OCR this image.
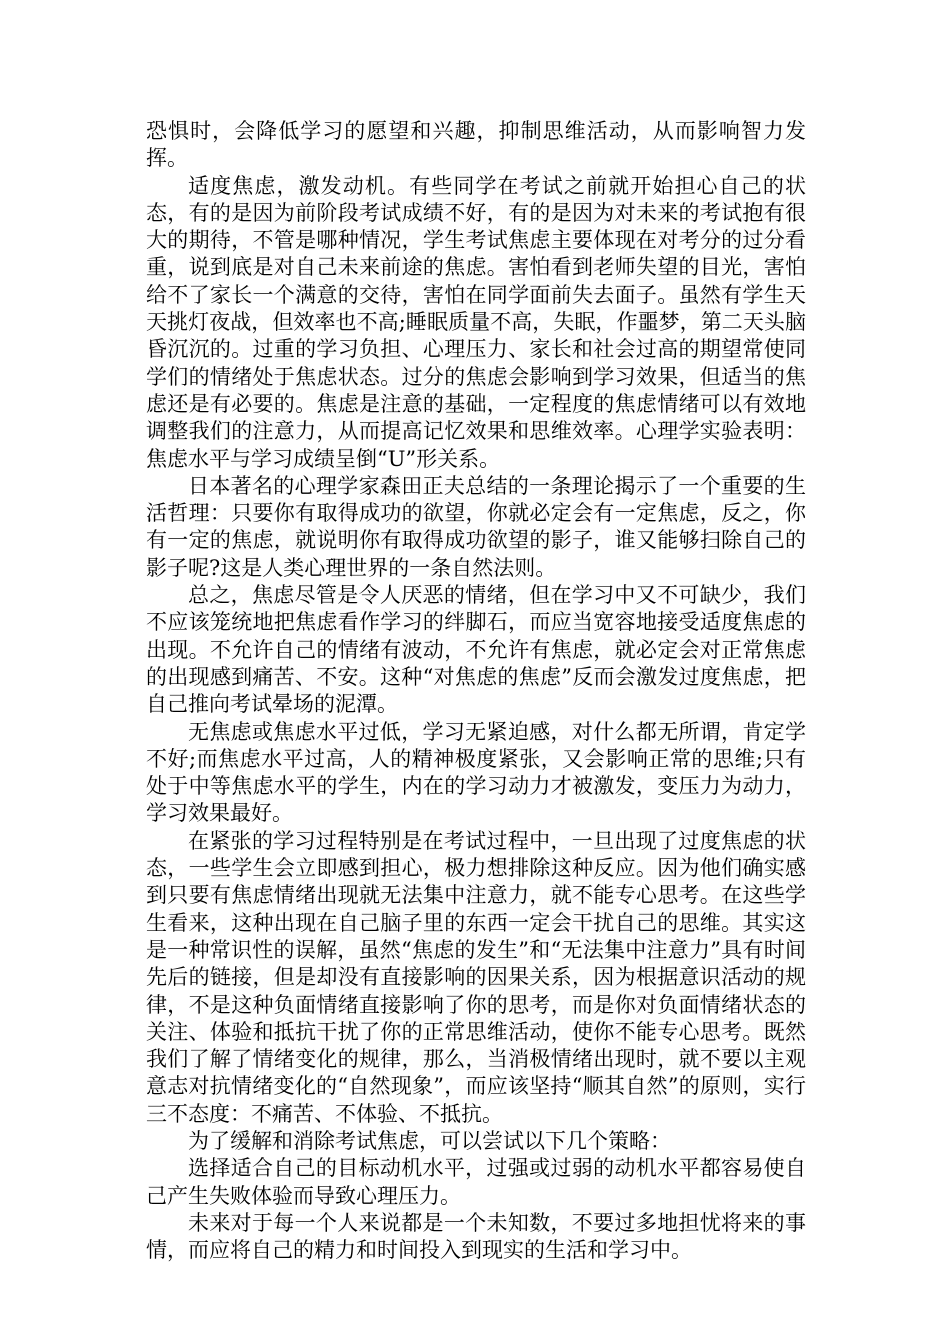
恐惧时，会降低学习的愿望和兴趣，抑制思维活动，从而影响智力发挥。

适度焦虑，激发动机。有些同学在考试之前就开始担心自己的状态，有的是因为前阶段考试成绩不好，有的是因为对未来的考试抱有很大的期待，不管是哪种情况，学生考试焦虑主要体现在对考分的过分看重，说到底是对自己未来前途的焦虑。害怕看到老师失望的目光，害怕给不了家长一个满意的交待，害怕在同学面前失去面子。虽然有学生天天挑灯夜战，但效率也不高;睡眠质量不高，失眠，作噩梦，第二天头脑昏沉沉的。过重的学习负担、心理压力、家长和社会过高的期望常使同学们的情绪处于焦虑状态。过分的焦虑会影响到学习效果，但适当的焦虑还是有必要的。焦虑是注意的基础，一定程度的焦虑情绪可以有效地调整我们的注意力，从而提高记忆效果和思维效率。心理学实验表明：焦虑水平与学习成绩呈倒“U”形关系。

日本著名的心理学家森田正夫总结的一条理论揭示了一个重要的生活哲理：只要你有取得成功的欲望，你就必定会有一定焦虑，反之，你有一定的焦虑，就说明你有取得成功欲望的影子，谁又能够扫除自己的影子呢?这是人类心理世界的一条自然法则。

总之，焦虑尽管是令人厌恶的情绪，但在学习中又不可缺少，我们不应该笼统地把焦虑看作学习的绊脚石，而应当宽容地接受适度焦虑的出现。不允许自己的情绪有波动，不允许有焦虑，就必定会对正常焦虑的出现感到痛苦、不安。这种“对焦虑的焦虑”反而会激发过度焦虑，把自己推向考试晕场的泥潭。

无焦虑或焦虑水平过低，学习无紧迫感，对什么都无所谓，肯定学不好;而焦虑水平过高，人的精神极度紧张，又会影响正常的思维;只有处于中等焦虑水平的学生，内在的学习动力才被激发，变压力为动力，学习效果最好。

在紧张的学习过程特别是在考试过程中，一旦出现了过度焦虑的状态，一些学生会立即感到担心，极力想排除这种反应。因为他们确实感到只要有焦虑情绪出现就无法集中注意力，就不能专心思考。在这些学生看来，这种出现在自己脑子里的东西一定会干扰自己的思维。其实这是一种常识性的误解，虽然“焦虑的发生”和“无法集中注意力”具有时间先后的链接，但是却没有直接影响的因果关系，因为根据意识活动的规律，不是这种负面情绪直接影响了你的思考，而是你对负面情绪状态的关注、体验和抵抗干扰了你的正常思维活动，使你不能专心思考。既然我们了解了情绪变化的规律，那么，当消极情绪出现时，就不要以主观意志对抗情绪变化的“自然现象”，而应该坚持“顺其自然”的原则，实行三不态度：不痛苦、不体验、不抵抗。

为了缓解和消除考试焦虑，可以尝试以下几个策略：

选择适合自己的目标动机水平，过强或过弱的动机水平都容易使自己产生失败体验而导致心理压力。

未来对于每一个人来说都是一个未知数，不要过多地担忧将来的事情，而应将自己的精力和时间投入到现实的生活和学习中。
